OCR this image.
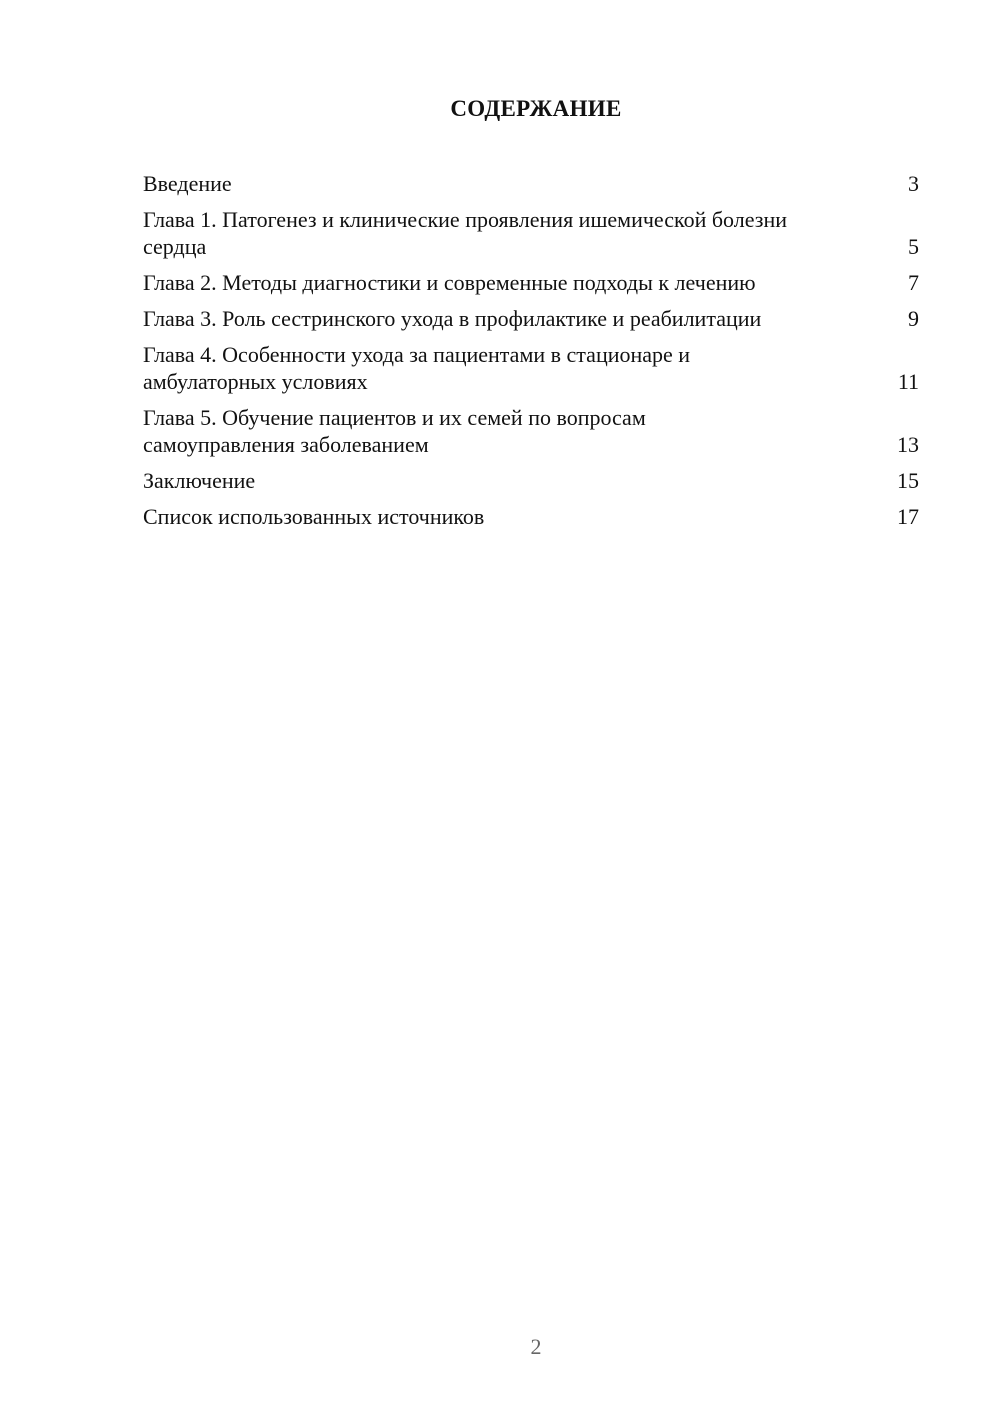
СОДЕРЖАНИЕ
Введение	3
Глава 1. Патогенез и клинические проявления ишемической болезни сердца	5
Глава 2. Методы диагностики и современные подходы к лечению	7
Глава 3. Роль сестринского ухода в профилактике и реабилитации	9
Глава 4. Особенности ухода за пациентами в стационаре и амбулаторных условиях	11
Глава 5. Обучение пациентов и их семей по вопросам самоуправления заболеванием	13
Заключение	15
Список использованных источников	17
2
